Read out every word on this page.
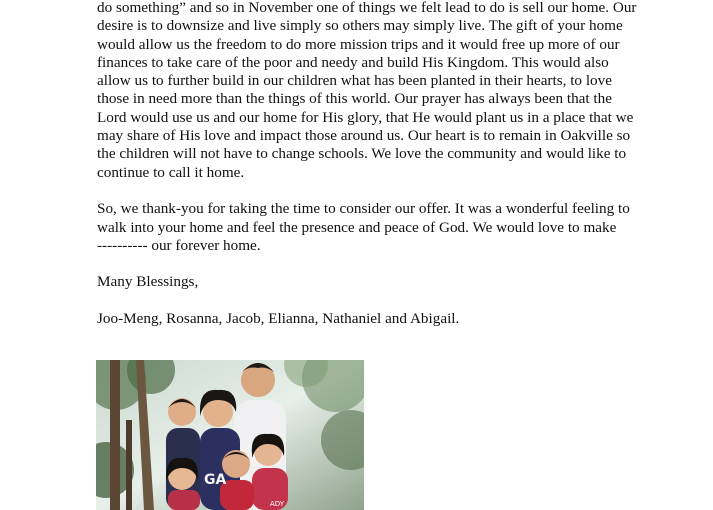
do something” and so in November one of things we felt lead to do is sell our home. Our
desire is to downsize and live simply so others may simply live. The gift of your home
would allow us the freedom to do more mission trips and it would free up more of our
finances to take care of the poor and needy and build His Kingdom. This would also
allow us to further build in our children what has been planted in their hearts, to love
those in need more than the things of this world. Our prayer has always been that the
Lord would use us and our home for His glory, that He would plant us in a place that we
may share of His love and impact those around us. Our heart is to remain in Oakville so
the children will not have to change schools. We love the community and would like to
continue to call it home.

So, we thank-you for taking the time to consider our offer. It was a wonderful feeling to
walk into your home and feel the presence and peace of God. We would love to make
---------- our forever home.

Many Blessings,

Joo-Meng, Rosanna, Jacob, Elianna, Nathaniel and Abigail.

ADY
GA
